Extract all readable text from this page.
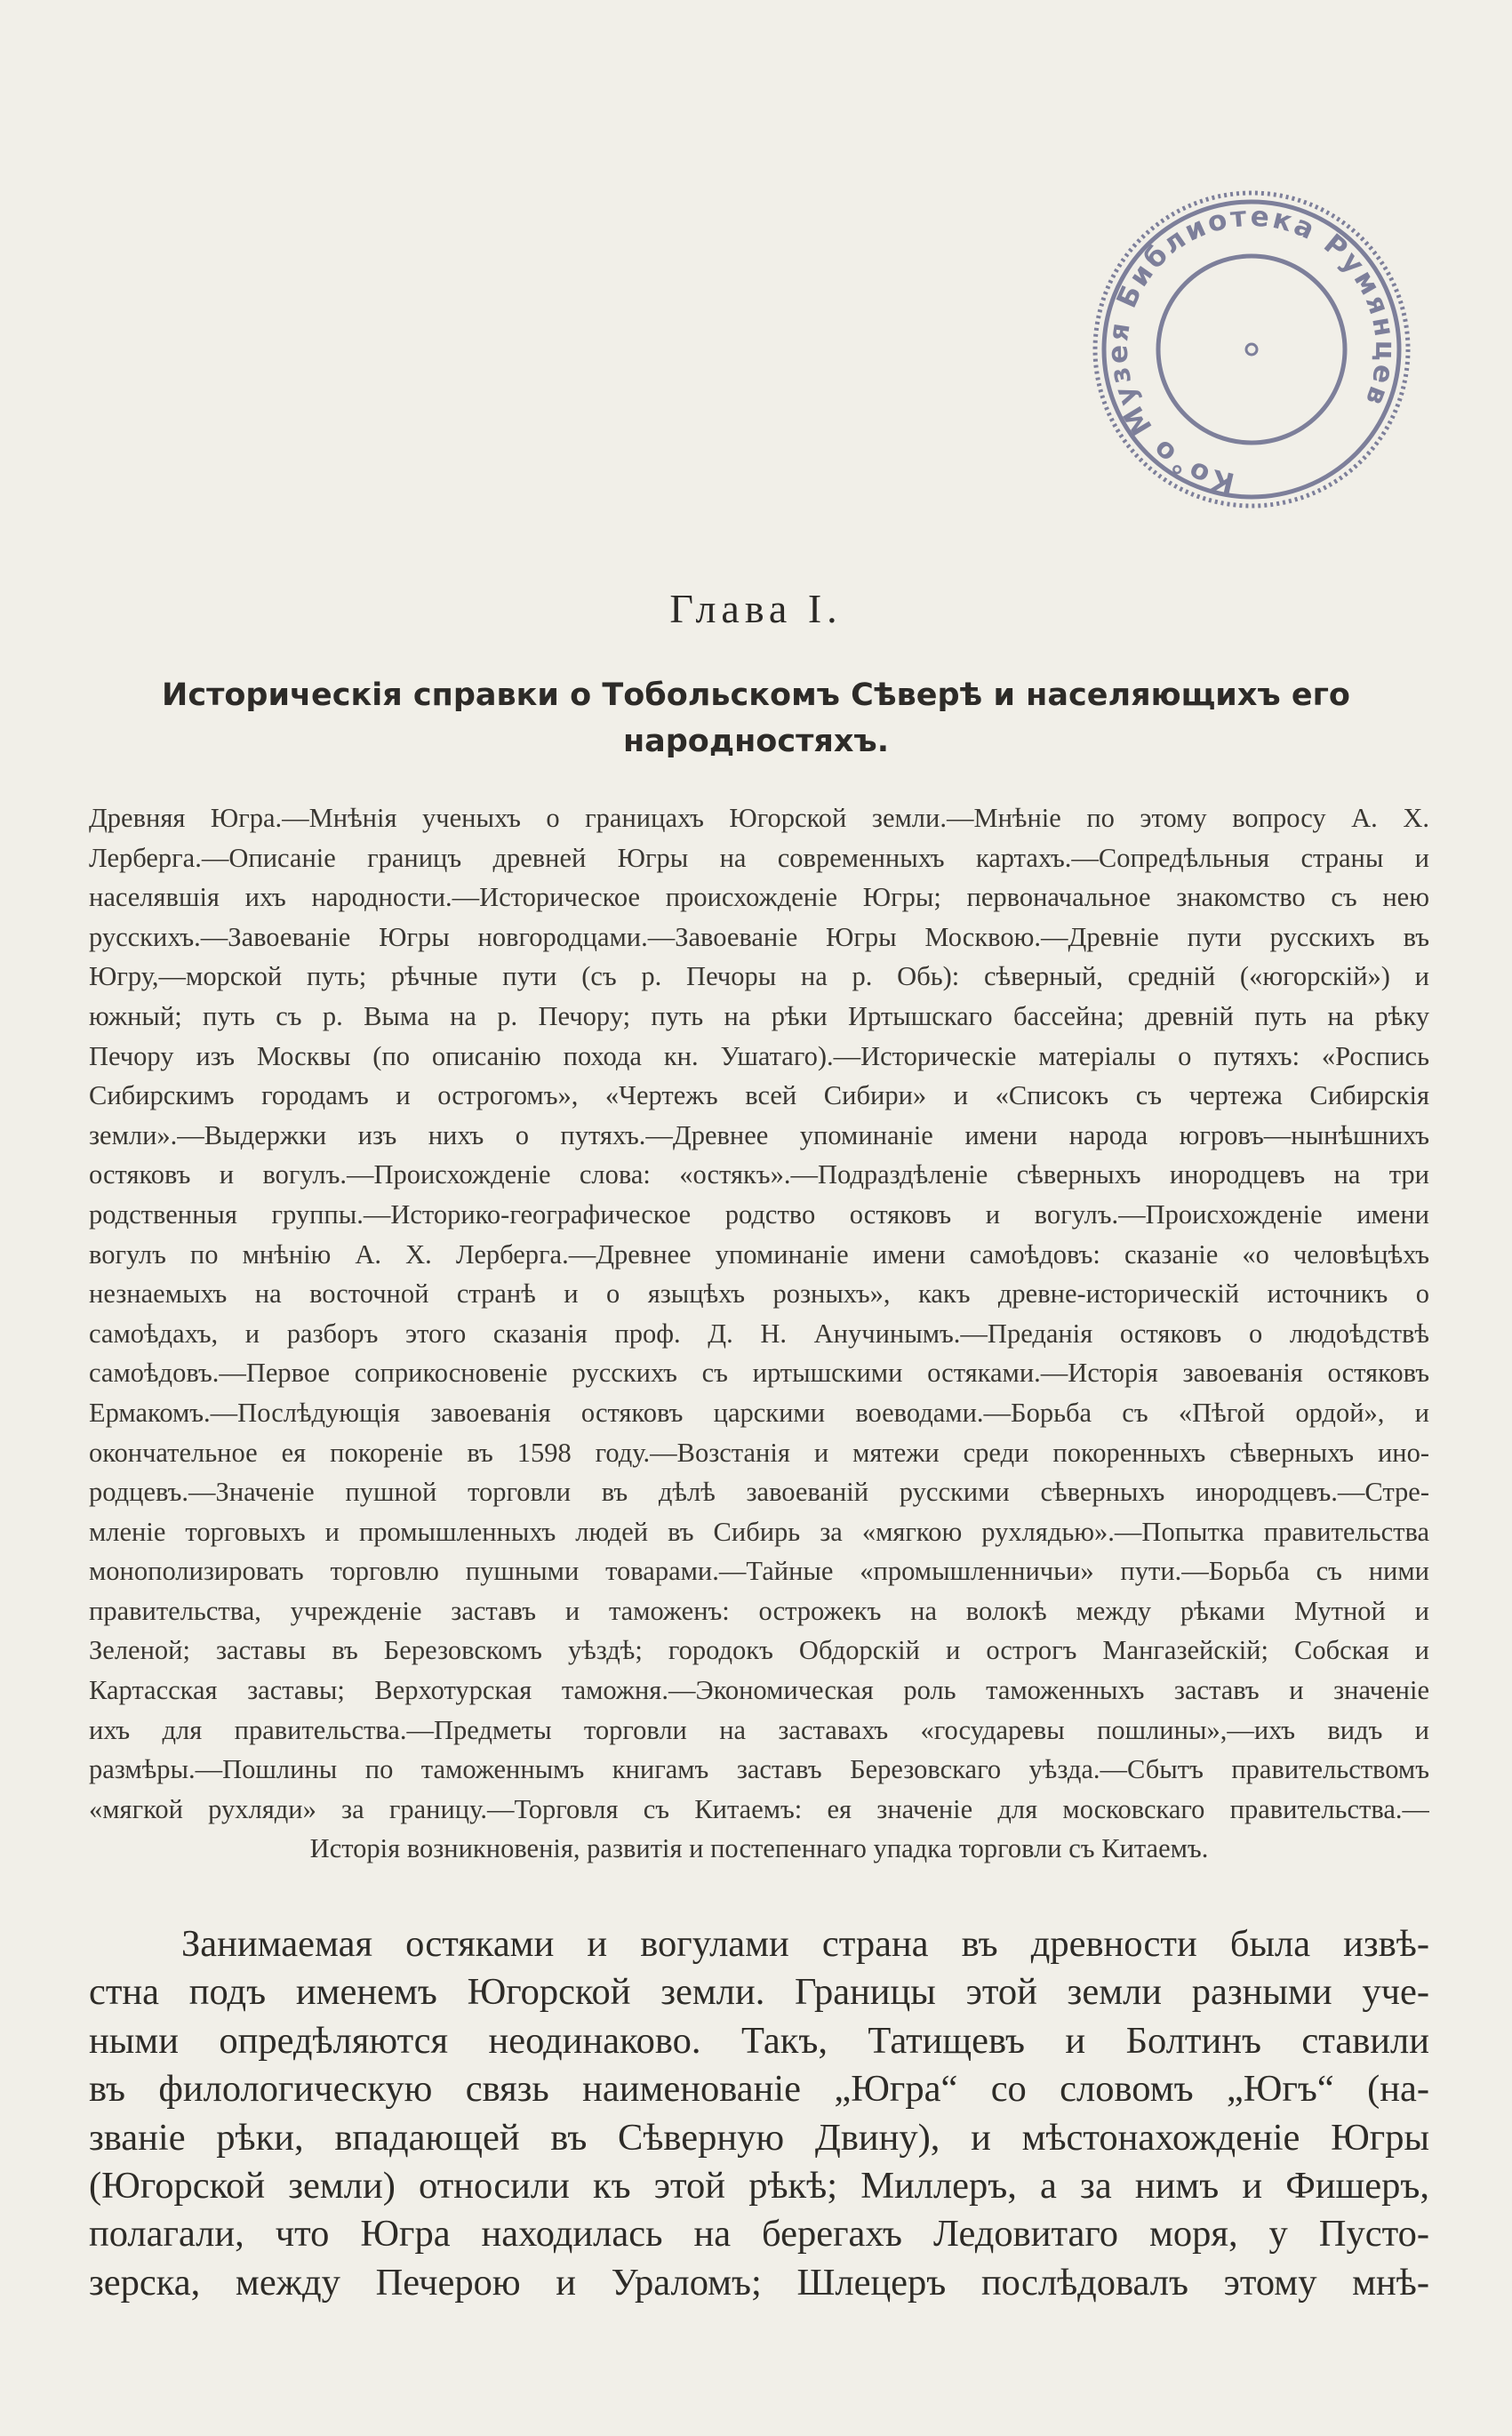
Ко°о Музея Библиотека Румянцев
Глава I.
Историческія справки о Тобольскомъ Сѣверѣ и населяющихъ его
народностяхъ.
Древняя Югра.—Мнѣнія ученыхъ о границахъ Югорской земли.—Мнѣніе по этому вопросу А. Х.
Лерберга.—Описаніе границъ древней Югры на современныхъ картахъ.—Сопредѣльныя страны и
населявшія ихъ народности.—Историческое происхожденіе Югры; первоначальное знакомство съ нею
русскихъ.—Завоеваніе Югры новгородцами.—Завоеваніе Югры Москвою.—Древніе пути русскихъ въ
Югру,—морской путь; рѣчные пути (съ р. Печоры на р. Обь): сѣверный, средній («югорскій») и
южный; путь съ р. Вымa на р. Печору; путь на рѣки Иртышскаго бассейна; древній путь на рѣку
Печору изъ Москвы (по описанію похода кн. Ушатаго).—Историческіе матеріалы о путяхъ: «Роспись
Сибирскимъ городамъ и острогомъ», «Чертежъ всей Сибири» и «Списокъ съ чертежа Сибирскія
земли».—Выдержки изъ нихъ о путяхъ.—Древнее упоминаніе имени народа югровъ—нынѣшнихъ
остяковъ и вогулъ.—Происхожденіе слова: «остякъ».—Подраздѣленіе сѣверныхъ инородцевъ на три
родственныя группы.—Историко-географическое родство остяковъ и вогулъ.—Происхожденіе имени
вогулъ по мнѣнію А. Х. Лерберга.—Древнее упоминаніе имени самоѣдовъ: сказаніе «о человѣцѣхъ
незнаемыхъ на восточной странѣ и о языцѣхъ розныхъ», какъ древне-историческій источникъ о
самоѣдахъ, и разборъ этого сказанія проф. Д. Н. Анучинымъ.—Преданія остяковъ о людоѣдствѣ
самоѣдовъ.—Первое соприкосновеніе русскихъ съ иртышскими остяками.—Исторія завоеванія остяковъ
Ермакомъ.—Послѣдующія завоеванія остяковъ царскими воеводами.—Борьба съ «Пѣгой ордой», и
окончательное ея покореніе въ 1598 году.—Возстанія и мятежи среди покоренныхъ сѣверныхъ ино-
родцевъ.—Значеніе пушной торговли въ дѣлѣ завоеваній русскими сѣверныхъ инородцевъ.—Стре-
мленіе торговыхъ и промышленныхъ людей въ Сибирь за «мягкою рухлядью».—Попытка правительства
монополизировать торговлю пушными товарами.—Тайные «промышленничьи» пути.—Борьба съ ними
правительства, учрежденіе заставъ и таможенъ: острожекъ на волокѣ между рѣками Мутной и
Зеленой; заставы въ Березовскомъ уѣздѣ; городокъ Обдорскій и острогъ Мангазейскій; Собская и
Картасская заставы; Верхотурская таможня.—Экономическая роль таможенныхъ заставъ и значеніе
ихъ для правительства.—Предметы торговли на заставахъ «государевы пошлины»,—ихъ видъ и
размѣры.—Пошлины по таможеннымъ книгамъ заставъ Березовскаго уѣзда.—Сбытъ правительствомъ
«мягкой рухляди» за границу.—Торговля съ Китаемъ: ея значеніе для московскаго правительства.—
Исторія возникновенія, развитія и постепеннаго упадка торговли съ Китаемъ.
Занимаемая остяками и вогулами страна въ древности была извѣ-
стна подъ именемъ Югорской земли. Границы этой земли разными уче-
ными опредѣляются неодинаково. Такъ, Татищевъ и Болтинъ ставили
въ филологическую связь наименованіе „Югра“ со словомъ „Югъ“ (на-
званіе рѣки, впадающей въ Сѣверную Двину), и мѣстонахожденіе Югры
(Югорской земли) относили къ этой рѣкѣ; Миллеръ, а за нимъ и Фишеръ,
полагали, что Югра находилась на берегахъ Ледовитаго моря, у Пусто-
зерска, между Печерою и Ураломъ; Шлецеръ послѣдовалъ этому мнѣ-
